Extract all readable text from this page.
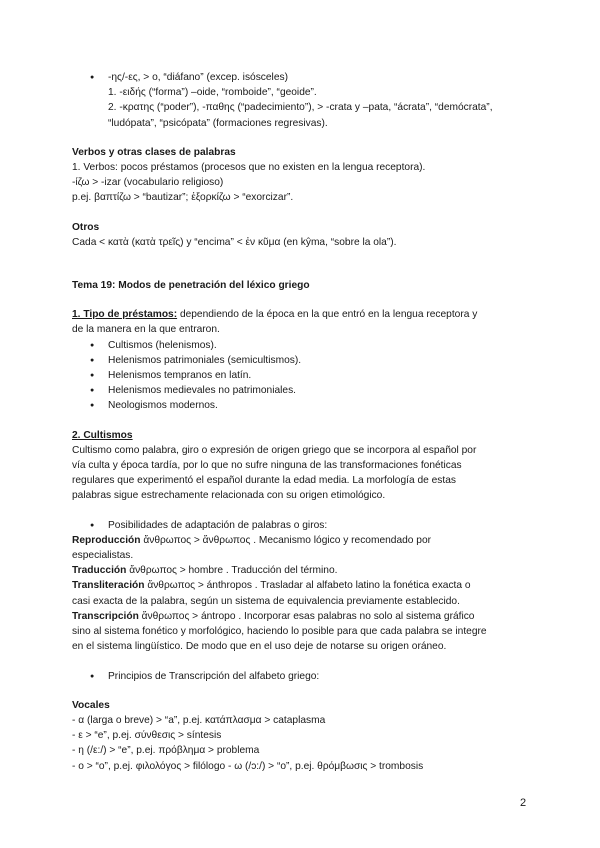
● -ης/-ες, > o, “diáfano” (excep. isósceles)

1. -ειδής (“forma”) –oide, “romboide”, “geoide”.

2. -κρατης (“poder”), -παθης (“padecimiento”), > -crata y –pata, “ácrata”, “demócrata”,

“ludópata”, “psicópata” (formaciones regresivas).

Verbos y otras clases de palabras

1. Verbos: pocos préstamos (procesos que no existen en la lengua receptora).

-ίζω > -izar (vocabulario religioso)

p.ej. βαπτίζω > “bautizar”; ἐξορκίζω > “exorcizar”.

Otros

Cada < κατὰ (κατὰ τρεῖς) y “encima” < ἐν κῦμα (en kŷma, “sobre la ola”).

Tema 19: Modos de penetración del léxico griego

1. Tipo de préstamos: dependiendo de la época en la que entró en la lengua receptora y

de la manera en la que entraron.

● Cultismos (helenismos).

● Helenismos patrimoniales (semicultismos).

● Helenismos tempranos en latín.

● Helenismos medievales no patrimoniales.

● Neologismos modernos.

2. Cultismos

Cultismo como palabra, giro o expresión de origen griego que se incorpora al español por

vía culta y época tardía, por lo que no sufre ninguna de las transformaciones fonéticas

regulares que experimentó el español durante la edad media. La morfología de estas

palabras sigue estrechamente relacionada con su origen etimológico.

● Posibilidades de adaptación de palabras o giros:

Reproducción ἄνθρωπος > ἄνθρωπος . Mecanismo lógico y recomendado por

especialistas.

Traducción ἄνθρωπος > hombre . Traducción del término.

Transliteración ἄνθρωπος > ánthropos . Trasladar al alfabeto latino la fonética exacta o

casi exacta de la palabra, según un sistema de equivalencia previamente establecido.

Transcripción ἄνθρωπος > ántropo . Incorporar esas palabras no solo al sistema gráfico

sino al sistema fonético y morfológico, haciendo lo posible para que cada palabra se integre

en el sistema lingüístico. De modo que en el uso deje de notarse su origen oráneo.

● Principios de Transcripción del alfabeto griego:

Vocales

- α (larga o breve) > “a”, p.ej. κατάπλασμα > cataplasma

- ε > “e”, p.ej. σύνθεσις > síntesis

- η (/ε:/) > “e”, p.ej. πρόβλημα > problema

- ο > “o”, p.ej. φιλολόγος > filólogo - ω (/ɔ:/) > “o”, p.ej. θρόμβωσις > trombosis

2
